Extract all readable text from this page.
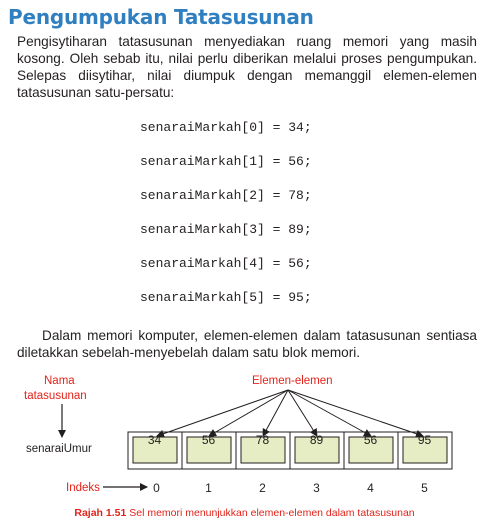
Pengumpukan Tatasusunan

Pengisytiharan tatasusunan menyediakan ruang memori yang masih kosong. Oleh sebab itu, nilai perlu diberikan melalui proses pengumpukan. Selepas diisytihar, nilai diumpuk dengan memanggil elemen-elemen tatasusunan satu-persatu:

senaraiMarkah[0] = 34;

senaraiMarkah[1] = 56;

senaraiMarkah[2] = 78;

senaraiMarkah[3] = 89;

senaraiMarkah[4] = 56;

senaraiMarkah[5] = 95;

Dalam memori komputer, elemen-elemen dalam tatasusunan sentiasa diletakkan sebelah-menyebelah dalam satu blok memori.

Nama

tatasusunan

Elemen-elemen

senaraiUmur

34	56	78	89	56	95

Indeks	0	1	2	3	4	5

Rajah 1.51 Sel memori menunjukkan elemen-elemen dalam tatasusunan
